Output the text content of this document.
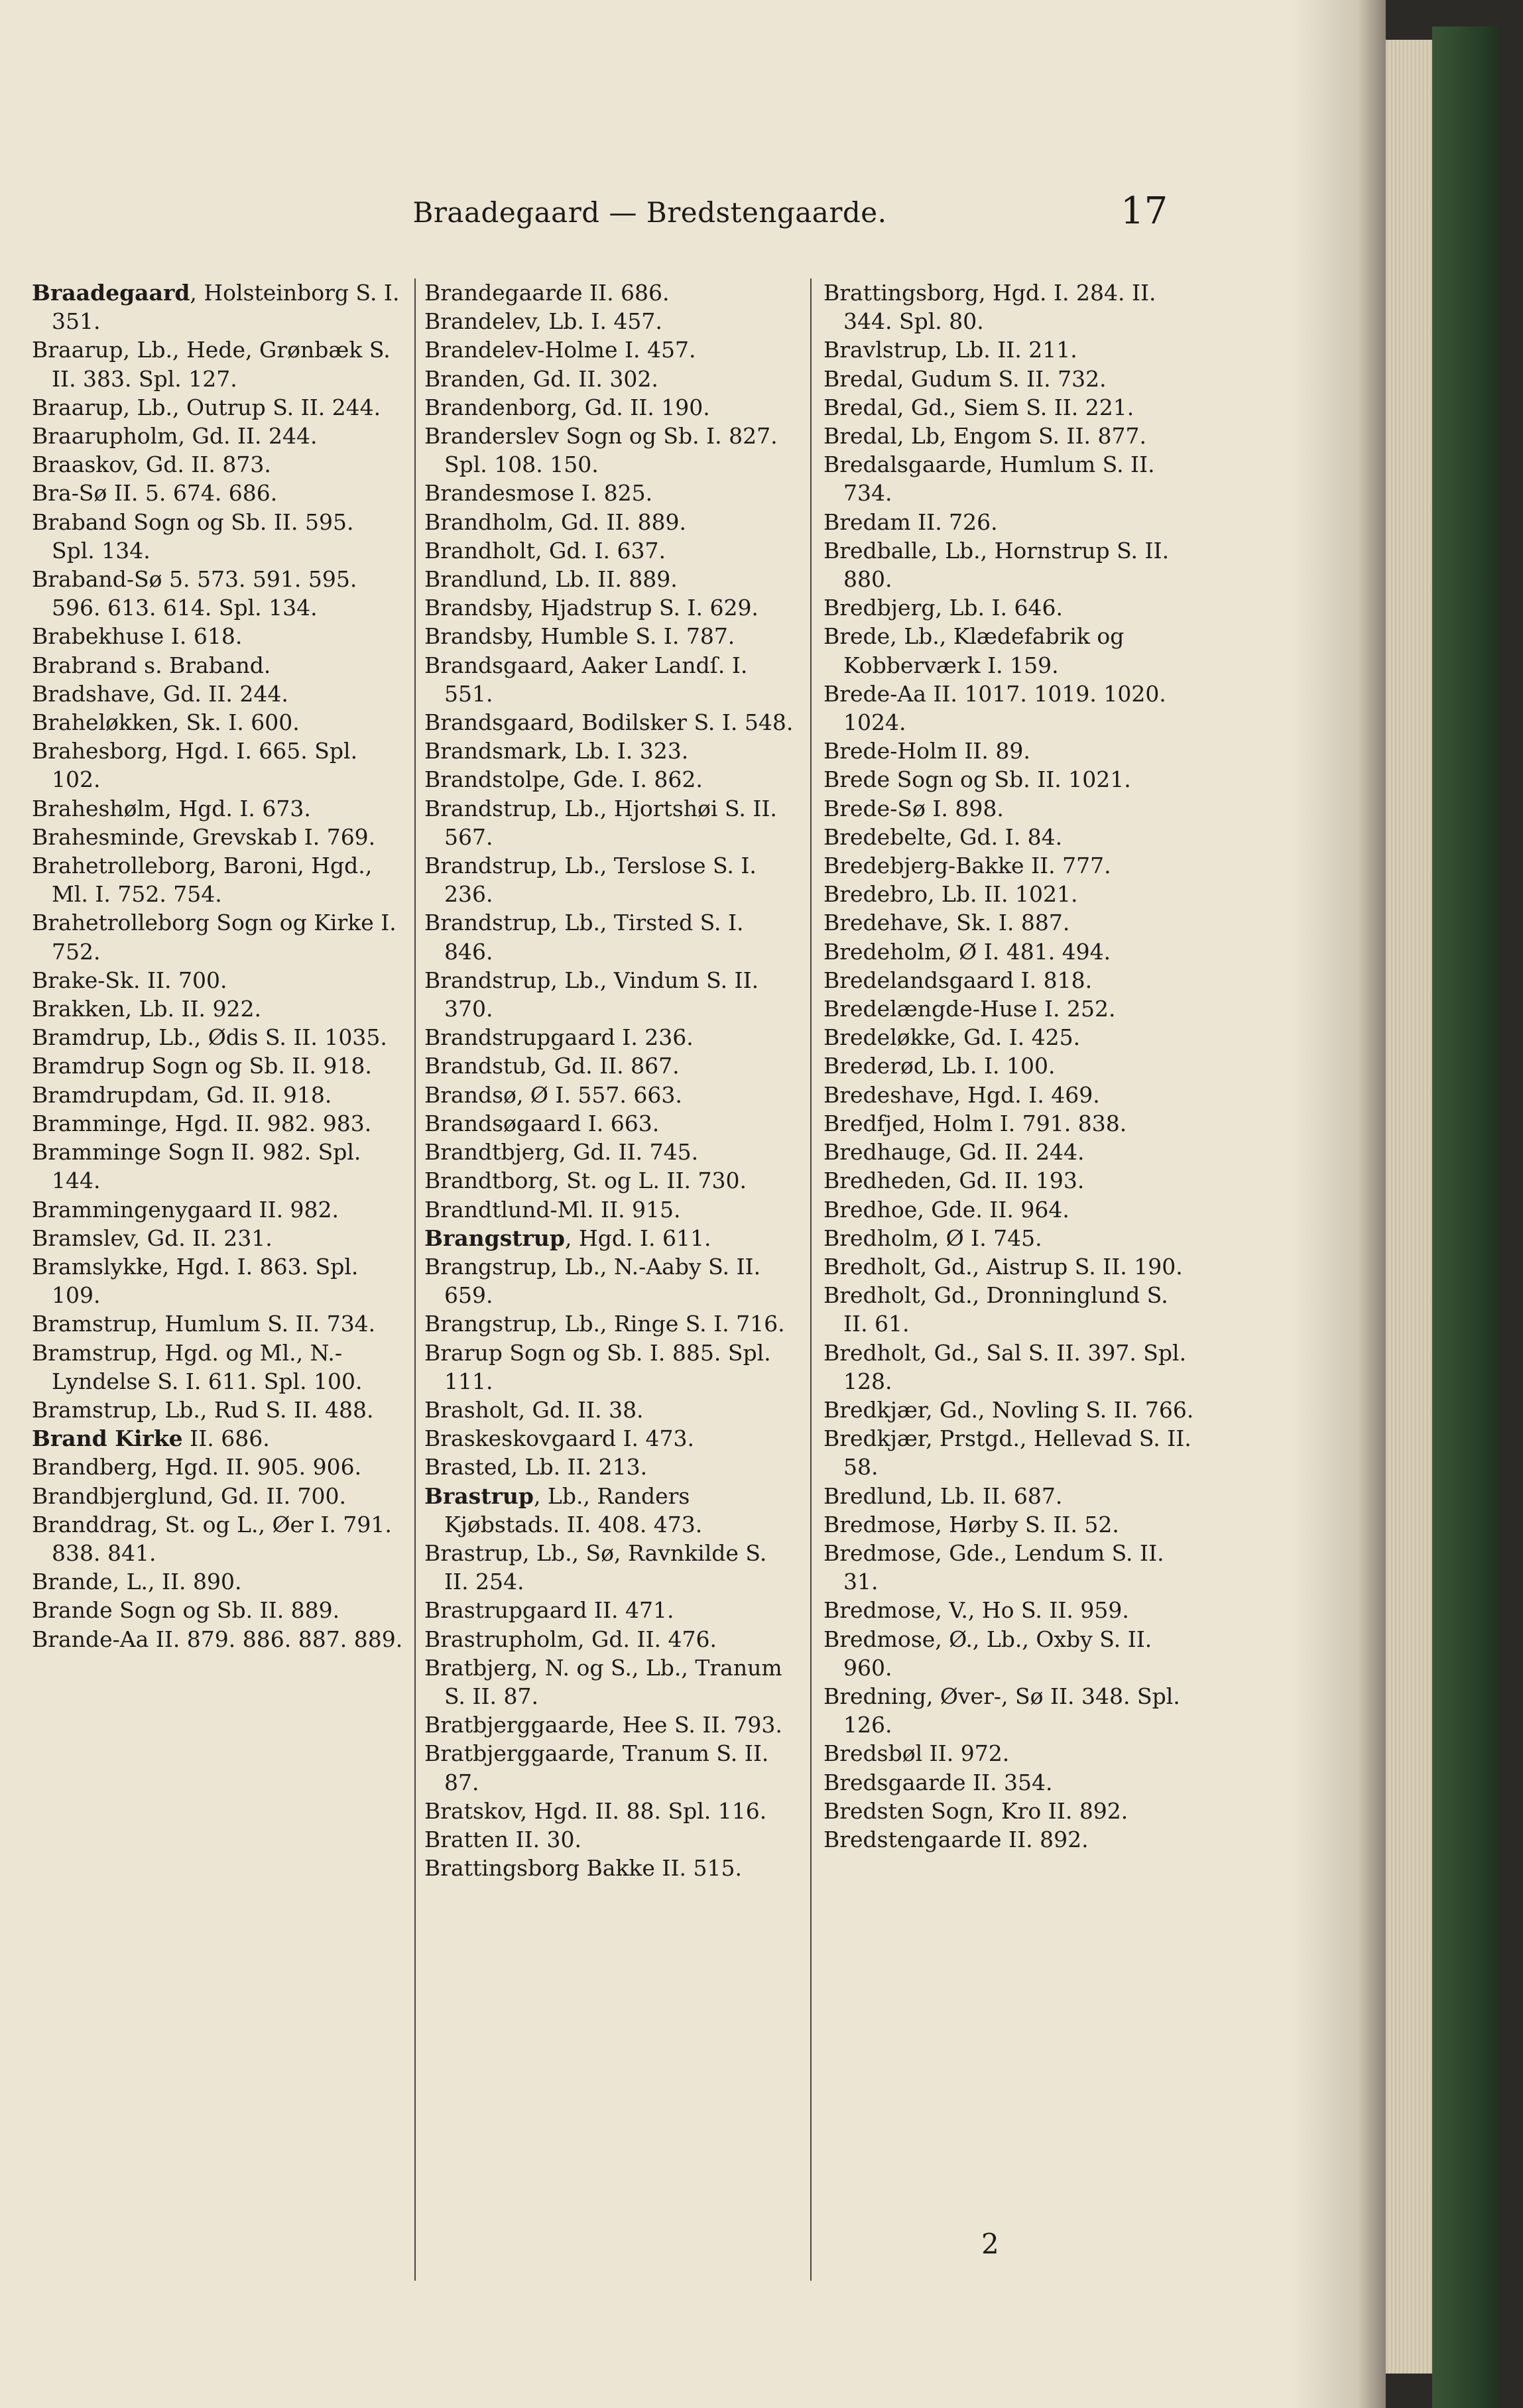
Braadegaard — Bredstengaarde.	17
Braadegaard, Holsteinborg S. I. 351.
Braarup, Lb., Hede, Grønbæk S. II. 383. Spl. 127.
Braarup, Lb., Outrup S. II. 244.
Braarupholm, Gd. II. 244.
Braaskov, Gd. II. 873.
Bra-Sø II. 5. 674. 686.
Braband Sogn og Sb. II. 595. Spl. 134.
Braband-Sø 5. 573. 591. 595. 596. 613. 614. Spl. 134.
Brabekhuse I. 618.
Brabrand s. Braband.
Bradshave, Gd. II. 244.
Braheløkken, Sk. I. 600.
Brahesborg, Hgd. I. 665. Spl. 102.
Braheshølm, Hgd. I. 673.
Brahesminde, Grevskab I. 769.
Brahetrolleborg, Baroni, Hgd., Ml. I. 752. 754.
Brahetrolleborg Sogn og Kirke I. 752.
Brake-Sk. II. 700.
Brakken, Lb. II. 922.
Bramdrup, Lb., Ødis S. II. 1035.
Bramdrup Sogn og Sb. II. 918.
Bramdrupdam, Gd. II. 918.
Bramminge, Hgd. II. 982. 983.
Bramminge Sogn II. 982. Spl. 144.
Brammingenygaard II. 982.
Bramslev, Gd. II. 231.
Bramslykke, Hgd. I. 863. Spl. 109.
Bramstrup, Humlum S. II. 734.
Bramstrup, Hgd. og Ml., N.-Lyndelse S. I. 611. Spl. 100.
Bramstrup, Lb., Rud S. II. 488.
Brand Kirke II. 686.
Brandberg, Hgd. II. 905. 906.
Brandbjerglund, Gd. II. 700.
Branddrag, St. og L., Øer I. 791. 838. 841.
Brande, L., II. 890.
Brande Sogn og Sb. II. 889.
Brande-Aa II. 879. 886. 887. 889.
Brandegaarde II. 686.
Brandelev, Lb. I. 457.
Brandelev-Holme I. 457.
Branden, Gd. II. 302.
Brandenborg, Gd. II. 190.
Branderslev Sogn og Sb. I. 827. Spl. 108. 150.
Brandesmose I. 825.
Brandholm, Gd. II. 889.
Brandholt, Gd. I. 637.
Brandlund, Lb. II. 889.
Brandsby, Hjadstrup S. I. 629.
Brandsby, Humble S. I. 787.
Brandsgaard, Aaker Landſ. I. 551.
Brandsgaard, Bodilsker S. I. 548.
Brandsmark, Lb. I. 323.
Brandstolpe, Gde. I. 862.
Brandstrup, Lb., Hjortshøi S. II. 567.
Brandstrup, Lb., Terslose S. I. 236.
Brandstrup, Lb., Tirsted S. I. 846.
Brandstrup, Lb., Vindum S. II. 370.
Brandstrupgaard I. 236.
Brandstub, Gd. II. 867.
Brandsø, Ø I. 557. 663.
Brandsøgaard I. 663.
Brandtbjerg, Gd. II. 745.
Brandtborg, St. og L. II. 730.
Brandtlund-Ml. II. 915.
Brangstrup, Hgd. I. 611.
Brangstrup, Lb., N.-Aaby S. II. 659.
Brangstrup, Lb., Ringe S. I. 716.
Brarup Sogn og Sb. I. 885. Spl. 111.
Brasholt, Gd. II. 38.
Braskeskovgaard I. 473.
Brasted, Lb. II. 213.
Brastrup, Lb., Randers Kjøbstads. II. 408. 473.
Brastrup, Lb., Sø, Ravnkilde S. II. 254.
Brastrupgaard II. 471.
Brastrupholm, Gd. II. 476.
Bratbjerg, N. og S., Lb., Tranum S. II. 87.
Bratbjerggaarde, Hee S. II. 793.
Bratbjerggaarde, Tranum S. II. 87.
Bratskov, Hgd. II. 88. Spl. 116.
Bratten II. 30.
Brattingsborg Bakke II. 515.
Brattingsborg, Hgd. I. 284. II. 344. Spl. 80.
Bravlstrup, Lb. II. 211.
Bredal, Gudum S. II. 732.
Bredal, Gd., Siem S. II. 221.
Bredal, Lb, Engom S. II. 877.
Bredalsgaarde, Humlum S. II. 734.
Bredam II. 726.
Bredballe, Lb., Hornstrup S. II. 880.
Bredbjerg, Lb. I. 646.
Brede, Lb., Klædefabrik og Kobberværk I. 159.
Brede-Aa II. 1017. 1019. 1020. 1024.
Brede-Holm II. 89.
Brede Sogn og Sb. II. 1021.
Brede-Sø I. 898.
Bredebelte, Gd. I. 84.
Bredebjerg-Bakke II. 777.
Bredebro, Lb. II. 1021.
Bredehave, Sk. I. 887.
Bredeholm, Ø I. 481. 494.
Bredelandsgaard I. 818.
Bredelængde-Huse I. 252.
Bredeløkke, Gd. I. 425.
Brederød, Lb. I. 100.
Bredeshave, Hgd. I. 469.
Bredfjed, Holm I. 791. 838.
Bredhauge, Gd. II. 244.
Bredheden, Gd. II. 193.
Bredhoe, Gde. II. 964.
Bredholm, Ø I. 745.
Bredholt, Gd., Aistrup S. II. 190.
Bredholt, Gd., Dronninglund S. II. 61.
Bredholt, Gd., Sal S. II. 397. Spl. 128.
Bredkjær, Gd., Novling S. II. 766.
Bredkjær, Prstgd., Hellevad S. II. 58.
Bredlund, Lb. II. 687.
Bredmose, Hørby S. II. 52.
Bredmose, Gde., Lendum S. II. 31.
Bredmose, V., Ho S. II. 959.
Bredmose, Ø., Lb., Oxby S. II. 960.
Bredning, Øver-, Sø II. 348. Spl. 126.
Bredsbøl II. 972.
Bredsgaarde II. 354.
Bredsten Sogn, Kro II. 892.
Bredstengaarde II. 892.
2
